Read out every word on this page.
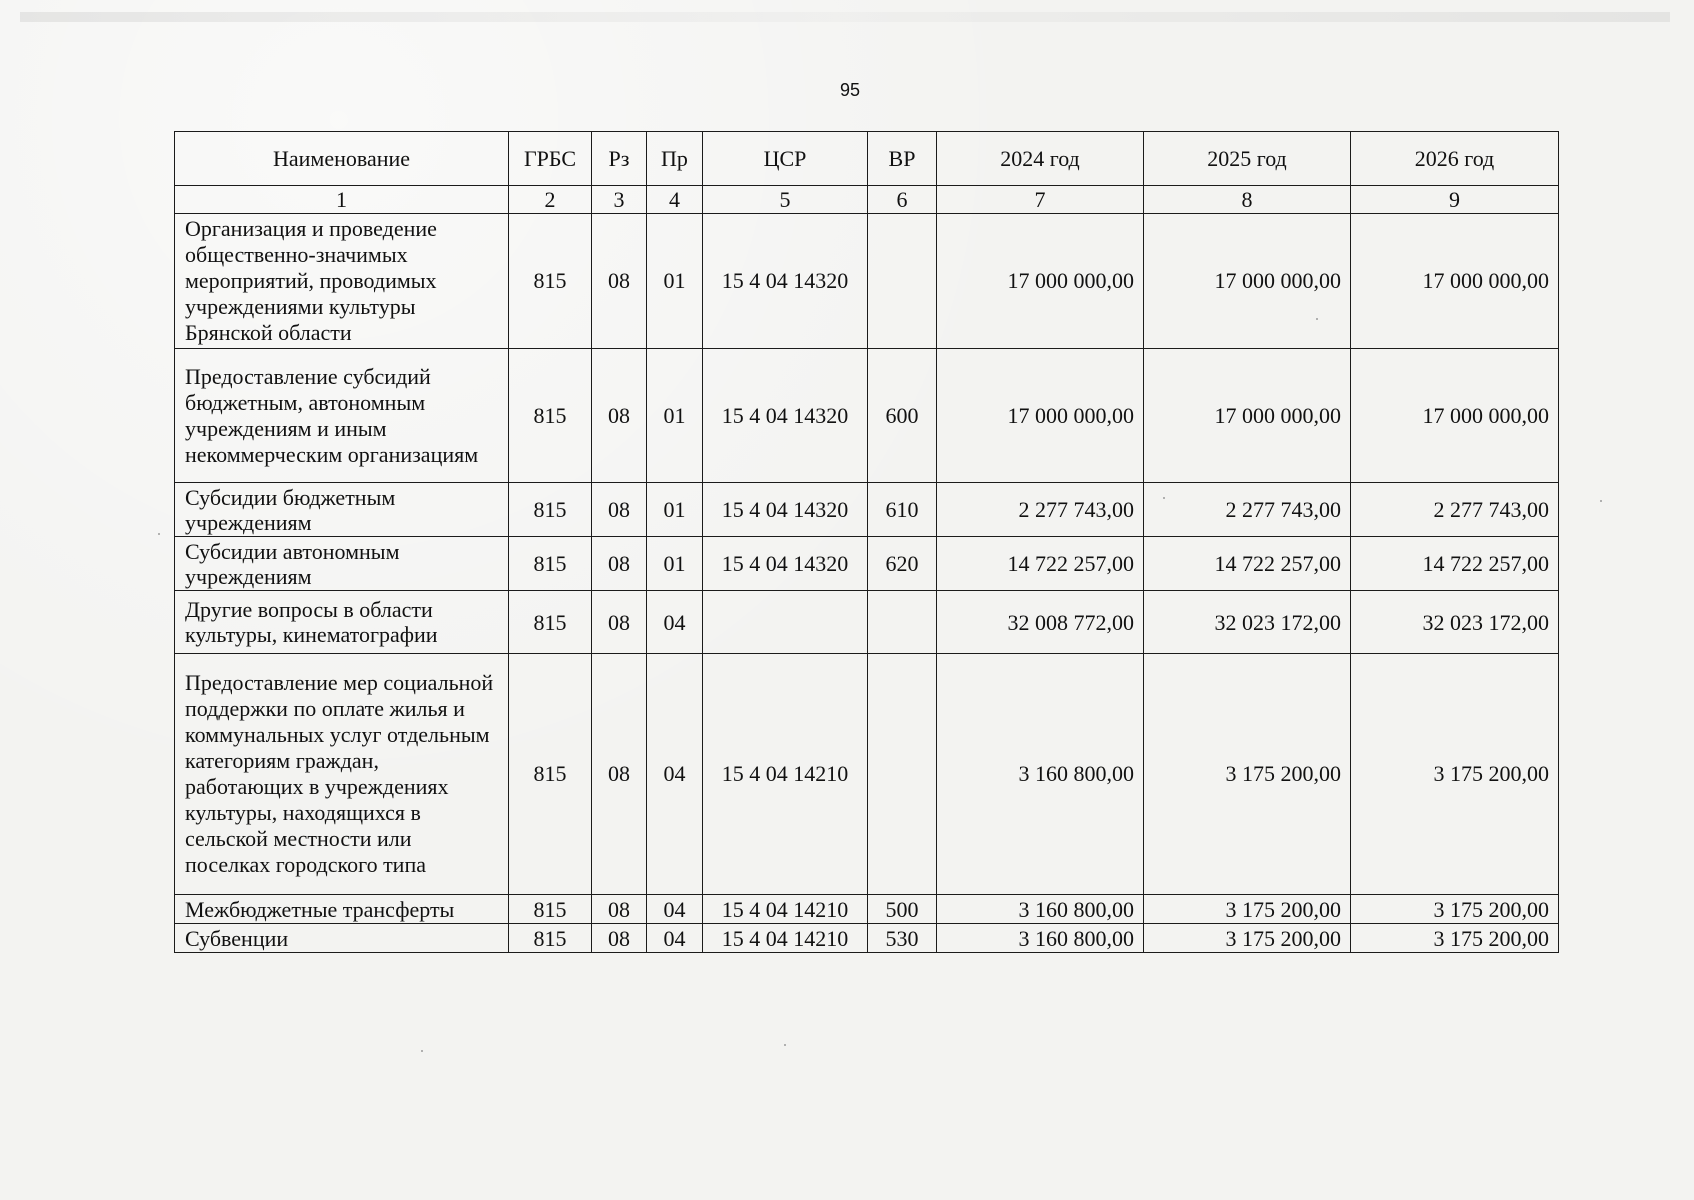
95
Наименование	ГРБС	Рз	Пр	ЦСР	ВР	2024 год	2025 год	2026 год
1	2	3	4	5	6	7	8	9
Организация и проведение общественно-значимых мероприятий, проводимых учреждениями культуры Брянской области	815	08	01	15 4 04 14320		17 000 000,00	17 000 000,00	17 000 000,00
Предоставление субсидий бюджетным, автономным учреждениям и иным некоммерческим организациям	815	08	01	15 4 04 14320	600	17 000 000,00	17 000 000,00	17 000 000,00
Субсидии бюджетным учреждениям	815	08	01	15 4 04 14320	610	2 277 743,00	2 277 743,00	2 277 743,00
Субсидии автономным учреждениям	815	08	01	15 4 04 14320	620	14 722 257,00	14 722 257,00	14 722 257,00
Другие вопросы в области культуры, кинематографии	815	08	04			32 008 772,00	32 023 172,00	32 023 172,00
Предоставление мер социальной поддержки по оплате жилья и коммунальных услуг отдельным категориям граждан, работающих в учреждениях культуры, находящихся в сельской местности или поселках городского типа	815	08	04	15 4 04 14210		3 160 800,00	3 175 200,00	3 175 200,00
Межбюджетные трансферты	815	08	04	15 4 04 14210	500	3 160 800,00	3 175 200,00	3 175 200,00
Субвенции	815	08	04	15 4 04 14210	530	3 160 800,00	3 175 200,00	3 175 200,00
